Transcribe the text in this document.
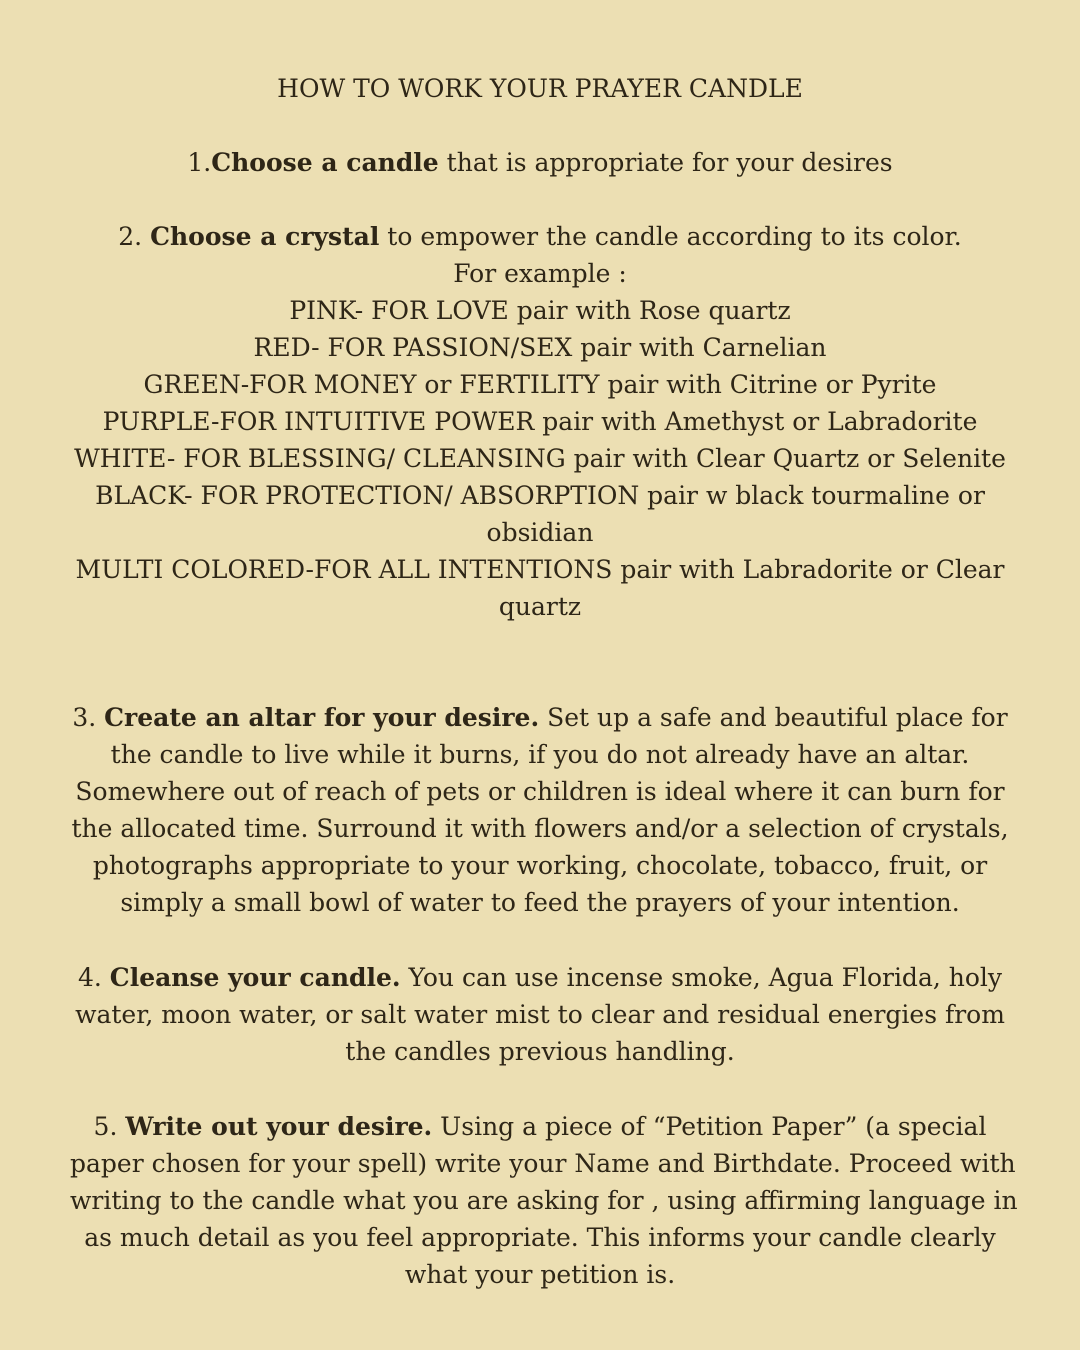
HOW TO WORK YOUR PRAYER CANDLE
1.Choose a candle that is appropriate for your desires
2. Choose a crystal to empower the candle according to its color.
For example :
PINK- FOR LOVE pair with Rose quartz
RED- FOR PASSION/SEX pair with Carnelian
GREEN-FOR MONEY or FERTILITY pair with Citrine or Pyrite
PURPLE-FOR INTUITIVE POWER pair with Amethyst or Labradorite
WHITE- FOR BLESSING/ CLEANSING pair with Clear Quartz or Selenite
BLACK- FOR PROTECTION/ ABSORPTION pair w black tourmaline or
obsidian
MULTI COLORED-FOR ALL INTENTIONS pair with Labradorite or Clear
quartz
3. Create an altar for your desire. Set up a safe and beautiful place for
the candle to live while it burns, if you do not already have an altar.
Somewhere out of reach of pets or children is ideal where it can burn for
the allocated time. Surround it with flowers and/or a selection of crystals,
photographs appropriate to your working, chocolate, tobacco, fruit, or
simply a small bowl of water to feed the prayers of your intention.
4. Cleanse your candle. You can use incense smoke, Agua Florida, holy
water, moon water, or salt water mist to clear and residual energies from
the candles previous handling.
5. Write out your desire. Using a piece of “Petition Paper” (a special
paper chosen for your spell) write your Name and Birthdate. Proceed with
writing to the candle what you are asking for , using affirming language in
as much detail as you feel appropriate. This informs your candle clearly
what your petition is.
